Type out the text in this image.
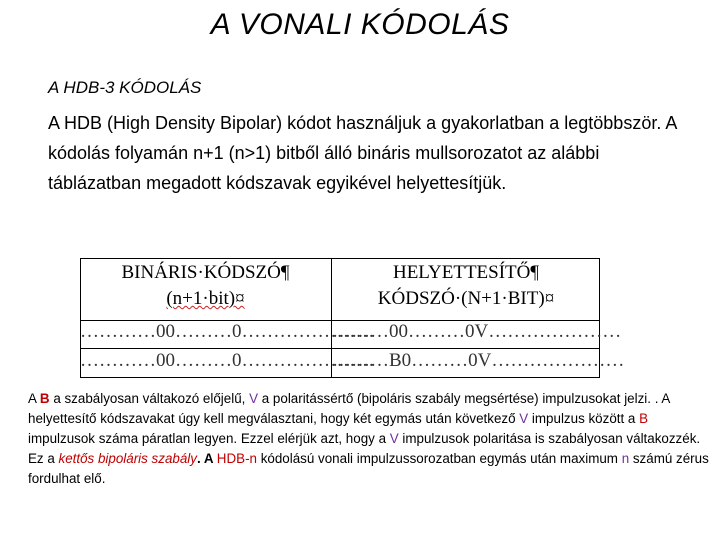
A VONALI KÓDOLÁS
A HDB-3 KÓDOLÁS
A HDB (High Density Bipolar) kódot használjuk a gyakorlatban a legtöbbször. A kódolás folyamán n+1 (n>1) bitből álló bináris mullsorozatot az alábbi táblázatban megadott kódszavak egyikével helyettesítjük.
BINÁRIS·KÓDSZÓ¶
(n+1·bit)¤
HELYETTESÍTŐ¶
KÓDSZÓ·(N+1·BIT)¤
…………00………0…………………
………00………0V…………………
…………00………0…………………
………B0………0V…………………
A B a szabályosan váltakozó előjelű, V a polaritássértő (bipoláris szabály megsértése) impulzusokat jelzi. . A helyettesítő kódszavakat úgy kell megválasztani, hogy két egymás után következő V impulzus között a B impulzusok száma páratlan legyen. Ezzel elérjük azt, hogy a V impulzusok polaritása is szabályosan váltakozzék. Ez a kettős bipoláris szabály. A HDB-n kódolású vonali impulzussorozatban egymás után maximum n számú zérus fordulhat elő.
